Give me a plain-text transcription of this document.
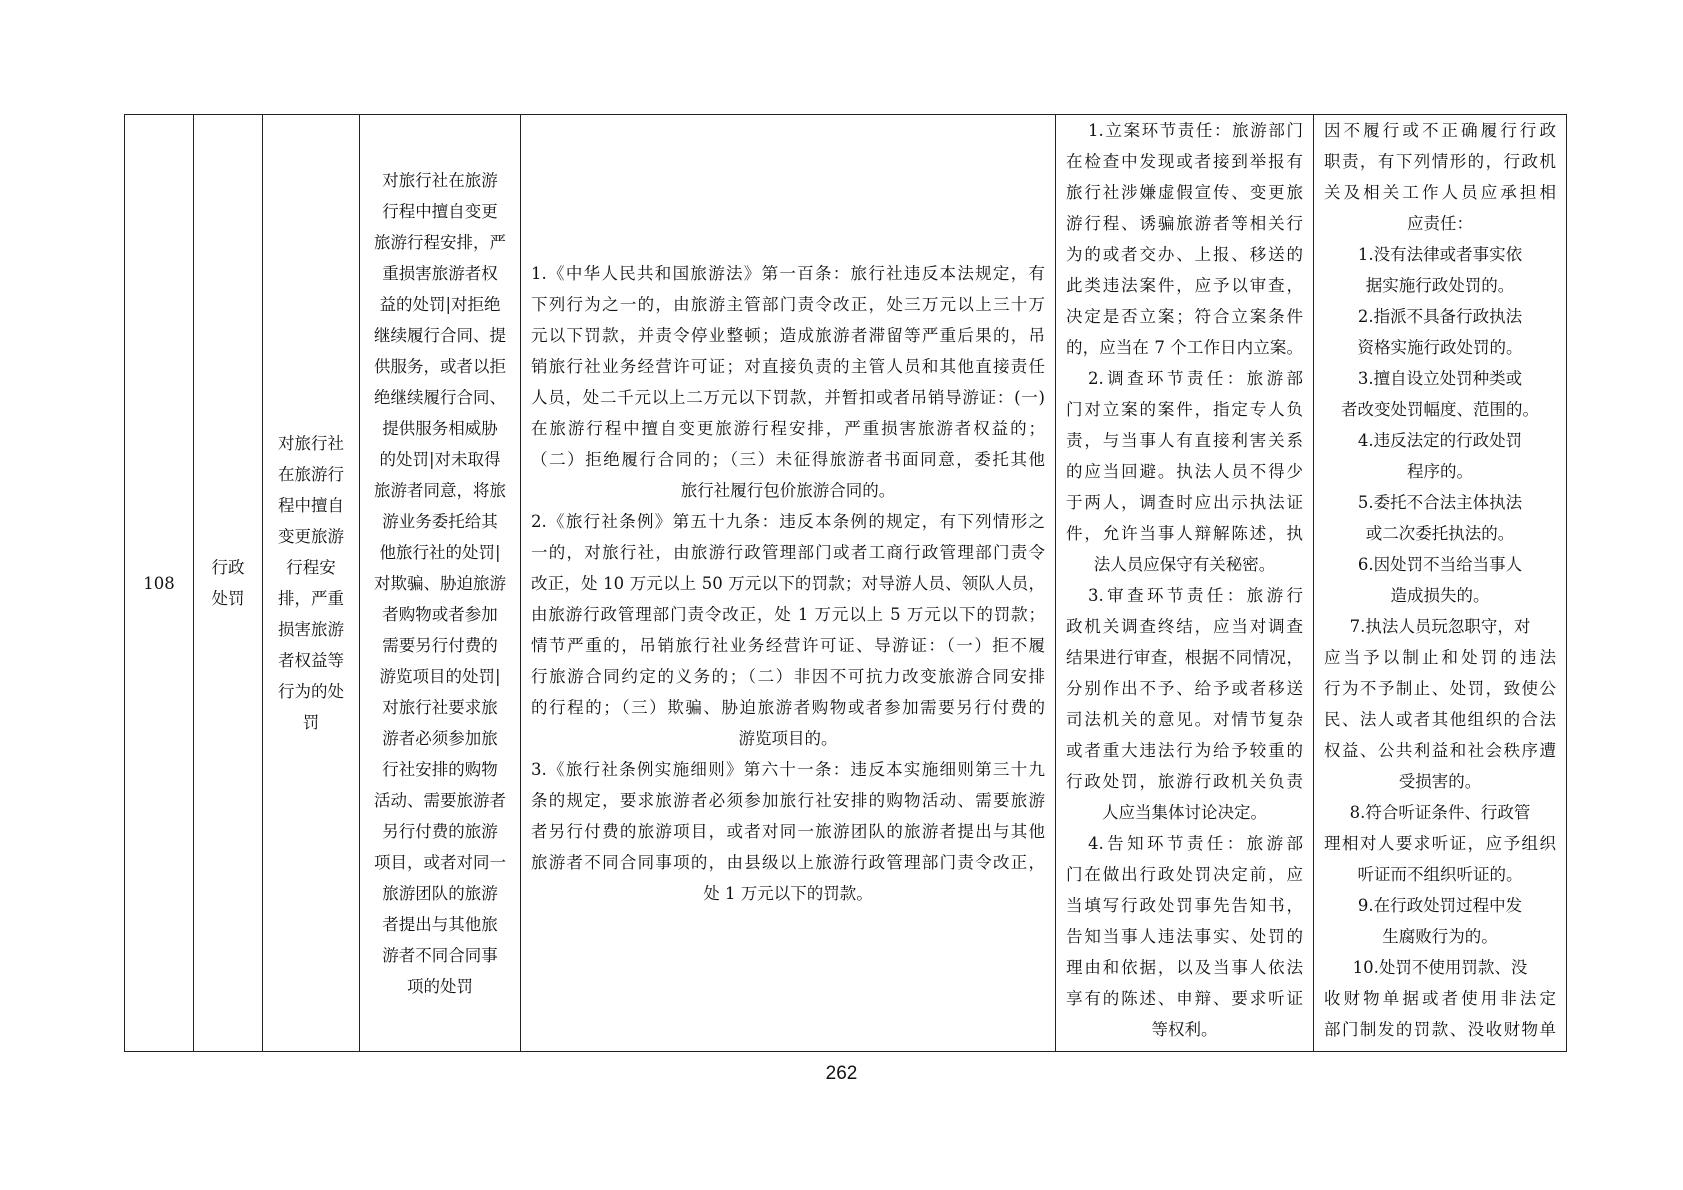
108	
行政
处罚

对旅行社
在旅游行
程中擅自
变更旅游
行程安
排，严重
损害旅游
者权益等
行为的处
罚

对旅行社在旅游
行程中擅自变更
旅游行程安排，严
重损害旅游者权
益的处罚|对拒绝
继续履行合同、提
供服务，或者以拒
绝继续履行合同、
提供服务相威胁
的处罚|对未取得
旅游者同意，将旅
游业务委托给其
他旅行社的处罚|
对欺骗、胁迫旅游
者购物或者参加
需要另行付费的
游览项目的处罚|
对旅行社要求旅
游者必须参加旅
行社安排的购物
活动、需要旅游者
另行付费的旅游
项目，或者对同一
旅游团队的旅游
者提出与其他旅
游者不同合同事
项的处罚

1.《中华人民共和国旅游法》第一百条：旅行社违反本法规定，有
下列行为之一的，由旅游主管部门责令改正，处三万元以上三十万
元以下罚款，并责令停业整顿；造成旅游者滞留等严重后果的，吊
销旅行社业务经营许可证；对直接负责的主管人员和其他直接责任
人员，处二千元以上二万元以下罚款，并暂扣或者吊销导游证：(一)
在旅游行程中擅自变更旅游行程安排，严重损害旅游者权益的；
（二）拒绝履行合同的；（三）未征得旅游者书面同意，委托其他
旅行社履行包价旅游合同的。
2.《旅行社条例》第五十九条：违反本条例的规定，有下列情形之
一的，对旅行社，由旅游行政管理部门或者工商行政管理部门责令
改正，处 10 万元以上 50 万元以下的罚款；对导游人员、领队人员，
由旅游行政管理部门责令改正，处 1 万元以上 5 万元以下的罚款；
情节严重的，吊销旅行社业务经营许可证、导游证：（一）拒不履
行旅游合同约定的义务的；（二）非因不可抗力改变旅游合同安排
的行程的；（三）欺骗、胁迫旅游者购物或者参加需要另行付费的
游览项目的。
3.《旅行社条例实施细则》第六十一条：违反本实施细则第三十九
条的规定，要求旅游者必须参加旅行社安排的购物活动、需要旅游
者另行付费的旅游项目，或者对同一旅游团队的旅游者提出与其他
旅游者不同合同事项的，由县级以上旅游行政管理部门责令改正，
处 1 万元以下的罚款。

1.立案环节责任：旅游部门
在检查中发现或者接到举报有
旅行社涉嫌虚假宣传、变更旅
游行程、诱骗旅游者等相关行
为的或者交办、上报、移送的
此类违法案件，应予以审查，
决定是否立案；符合立案条件
的，应当在 7 个工作日内立案。
2.调查环节责任：旅游部
门对立案的案件，指定专人负
责，与当事人有直接利害关系
的应当回避。执法人员不得少
于两人，调查时应出示执法证
件，允许当事人辩解陈述，执
法人员应保守有关秘密。
3.审查环节责任：旅游行
政机关调查终结，应当对调查
结果进行审查，根据不同情况，
分别作出不予、给予或者移送
司法机关的意见。对情节复杂
或者重大违法行为给予较重的
行政处罚，旅游行政机关负责
人应当集体讨论决定。
4.告知环节责任：旅游部
门在做出行政处罚决定前，应
当填写行政处罚事先告知书，
告知当事人违法事实、处罚的
理由和依据，以及当事人依法
享有的陈述、申辩、要求听证
等权利。

因不履行或不正确履行行政
职责，有下列情形的，行政机
关及相关工作人员应承担相
应责任：
1.没有法律或者事实依
据实施行政处罚的。
2.指派不具备行政执法
资格实施行政处罚的。
3.擅自设立处罚种类或
者改变处罚幅度、范围的。
4.违反法定的行政处罚
程序的。
5.委托不合法主体执法
或二次委托执法的。
6.因处罚不当给当事人
造成损失的。
7.执法人员玩忽职守，对
应当予以制止和处罚的违法
行为不予制止、处罚，致使公
民、法人或者其他组织的合法
权益、公共利益和社会秩序遭
受损害的。
8.符合听证条件、行政管
理相对人要求听证，应予组织
听证而不组织听证的。
9.在行政处罚过程中发
生腐败行为的。
10.处罚不使用罚款、没
收财物单据或者使用非法定
部门制发的罚款、没收财物单
262
